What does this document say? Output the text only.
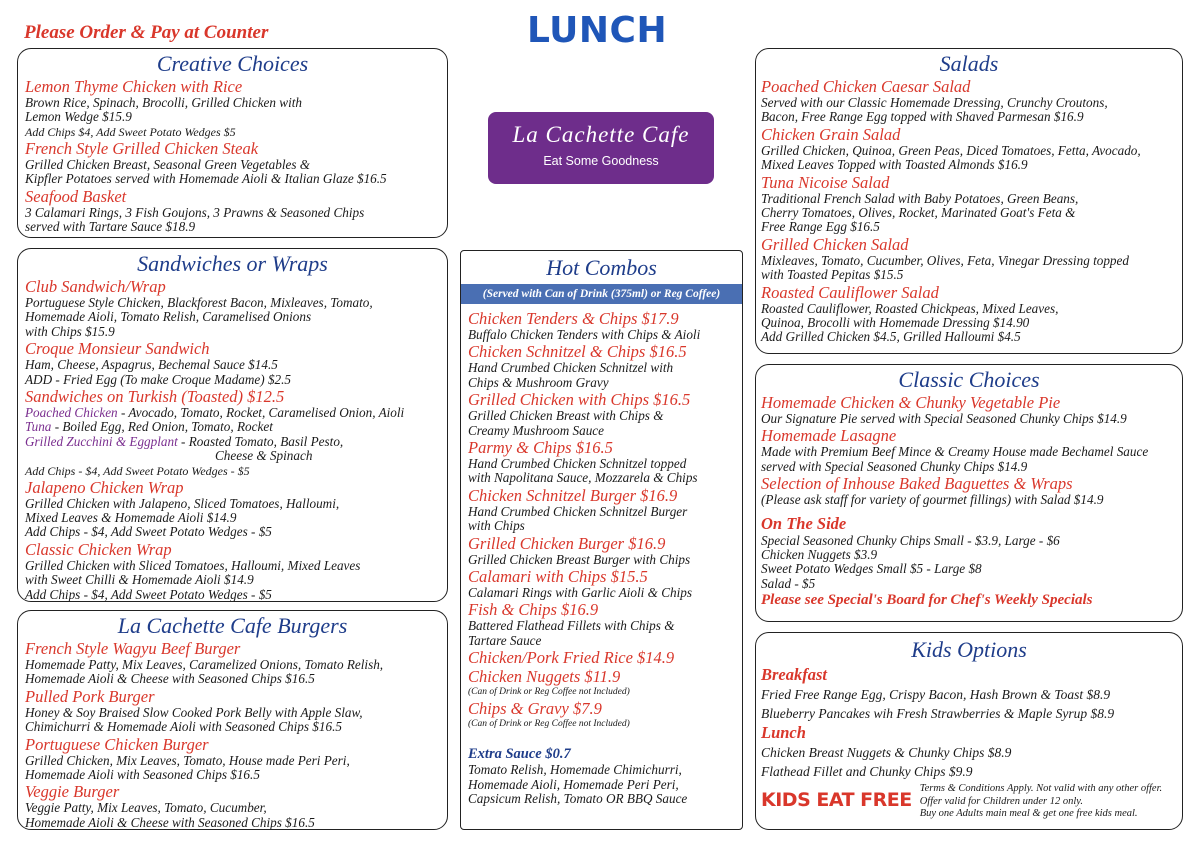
Please Order & Pay at Counter	LUNCH
La Cachette Cafe
Eat Some Goodness
Creative Choices
Lemon Thyme Chicken with Rice
Brown Rice, Spinach, Brocolli, Grilled Chicken with
Lemon Wedge $15.9
Add Chips $4, Add Sweet Potato Wedges $5
French Style Grilled Chicken Steak
Grilled Chicken Breast, Seasonal Green Vegetables &
Kipfler Potatoes served with Homemade Aioli & Italian Glaze $16.5
Seafood Basket
3 Calamari Rings, 3 Fish Goujons, 3 Prawns & Seasoned Chips
served with Tartare Sauce $18.9
Sandwiches or Wraps
Club Sandwich/Wrap
Portuguese Style Chicken, Blackforest Bacon, Mixleaves, Tomato,
Homemade Aioli, Tomato Relish, Caramelised Onions
with Chips $15.9
Croque Monsieur Sandwich
Ham, Cheese, Aspagrus, Bechemal Sauce $14.5
ADD - Fried Egg (To make Croque Madame) $2.5
Sandwiches on Turkish (Toasted) $12.5
Poached Chicken - Avocado, Tomato, Rocket, Caramelised Onion, Aioli
Tuna - Boiled Egg, Red Onion, Tomato, Rocket
Grilled Zucchini & Eggplant - Roasted Tomato, Basil Pesto,
Cheese & Spinach
Add Chips - $4, Add Sweet Potato Wedges - $5
Jalapeno Chicken Wrap
Grilled Chicken with Jalapeno, Sliced Tomatoes, Halloumi,
Mixed Leaves & Homemade Aioli $14.9
Add Chips - $4, Add Sweet Potato Wedges - $5
Classic Chicken Wrap
Grilled Chicken with Sliced Tomatoes, Halloumi, Mixed Leaves
with Sweet Chilli & Homemade Aioli $14.9
Add Chips - $4, Add Sweet Potato Wedges - $5
La Cachette Cafe Burgers
French Style Wagyu Beef Burger
Homemade Patty, Mix Leaves, Caramelized Onions, Tomato Relish,
Homemade Aioli & Cheese with Seasoned Chips $16.5
Pulled Pork Burger
Honey & Soy Braised Slow Cooked Pork Belly with Apple Slaw,
Chimichurri & Homemade Aioli with Seasoned Chips $16.5
Portuguese Chicken Burger
Grilled Chicken, Mix Leaves, Tomato, House made Peri Peri,
Homemade Aioli with Seasoned Chips $16.5
Veggie Burger
Veggie Patty, Mix Leaves, Tomato, Cucumber,
Homemade Aioli & Cheese with Seasoned Chips $16.5
Hot Combos
(Served with Can of Drink (375ml) or Reg Coffee)
Chicken Tenders & Chips $17.9
Buffalo Chicken Tenders with Chips & Aioli
Chicken Schnitzel & Chips $16.5
Hand Crumbed Chicken Schnitzel with
Chips & Mushroom Gravy
Grilled Chicken with Chips $16.5
Grilled Chicken Breast with Chips &
Creamy Mushroom Sauce
Parmy & Chips $16.5
Hand Crumbed Chicken Schnitzel topped
with Napolitana Sauce, Mozzarela & Chips
Chicken Schnitzel Burger $16.9
Hand Crumbed Chicken Schnitzel Burger
with Chips
Grilled Chicken Burger $16.9
Grilled Chicken Breast Burger with Chips
Calamari with Chips $15.5
Calamari Rings with Garlic Aioli & Chips
Fish & Chips $16.9
Battered Flathead Fillets with Chips &
Tartare Sauce
Chicken/Pork Fried Rice $14.9
Chicken Nuggets $11.9
(Can of Drink or Reg Coffee not Included)
Chips & Gravy $7.9
(Can of Drink or Reg Coffee not Included)
Extra Sauce $0.7
Tomato Relish, Homemade Chimichurri,
Homemade Aioli, Homemade Peri Peri,
Capsicum Relish, Tomato OR BBQ Sauce
Salads
Poached Chicken Caesar Salad
Served with our Classic Homemade Dressing, Crunchy Croutons,
Bacon, Free Range Egg topped with Shaved Parmesan $16.9
Chicken Grain Salad
Grilled Chicken, Quinoa, Green Peas, Diced Tomatoes, Fetta, Avocado,
Mixed Leaves Topped with Toasted Almonds $16.9
Tuna Nicoise Salad
Traditional French Salad with Baby Potatoes, Green Beans,
Cherry Tomatoes, Olives, Rocket, Marinated Goat's Feta &
Free Range Egg $16.5
Grilled Chicken Salad
Mixleaves, Tomato, Cucumber, Olives, Feta, Vinegar Dressing topped
with Toasted Pepitas $15.5
Roasted Cauliflower Salad
Roasted Cauliflower, Roasted Chickpeas, Mixed Leaves,
Quinoa, Brocolli with Homemade Dressing $14.90
Add Grilled Chicken $4.5, Grilled Halloumi $4.5
Classic Choices
Homemade Chicken & Chunky Vegetable Pie
Our Signature Pie served with Special Seasoned Chunky Chips $14.9
Homemade Lasagne
Made with Premium Beef Mince & Creamy House made Bechamel Sauce
served with Special Seasoned Chunky Chips $14.9
Selection of Inhouse Baked Baguettes & Wraps
(Please ask staff for variety of gourmet fillings) with Salad $14.9
On The Side
Special Seasoned Chunky Chips Small - $3.9, Large - $6
Chicken Nuggets $3.9
Sweet Potato Wedges Small $5 - Large $8
Salad - $5
Please see Special's Board for Chef's Weekly Specials
Kids Options
Breakfast
Fried Free Range Egg, Crispy Bacon, Hash Brown & Toast $8.9
Blueberry Pancakes wih Fresh Strawberries & Maple Syrup $8.9
Lunch
Chicken Breast Nuggets & Chunky Chips $8.9
Flathead Fillet and Chunky Chips $9.9
KIDS EAT FREE
Terms & Conditions Apply. Not valid with any other offer.
Offer valid for Children under 12 only.
Buy one Adults main meal & get one free kids meal.
